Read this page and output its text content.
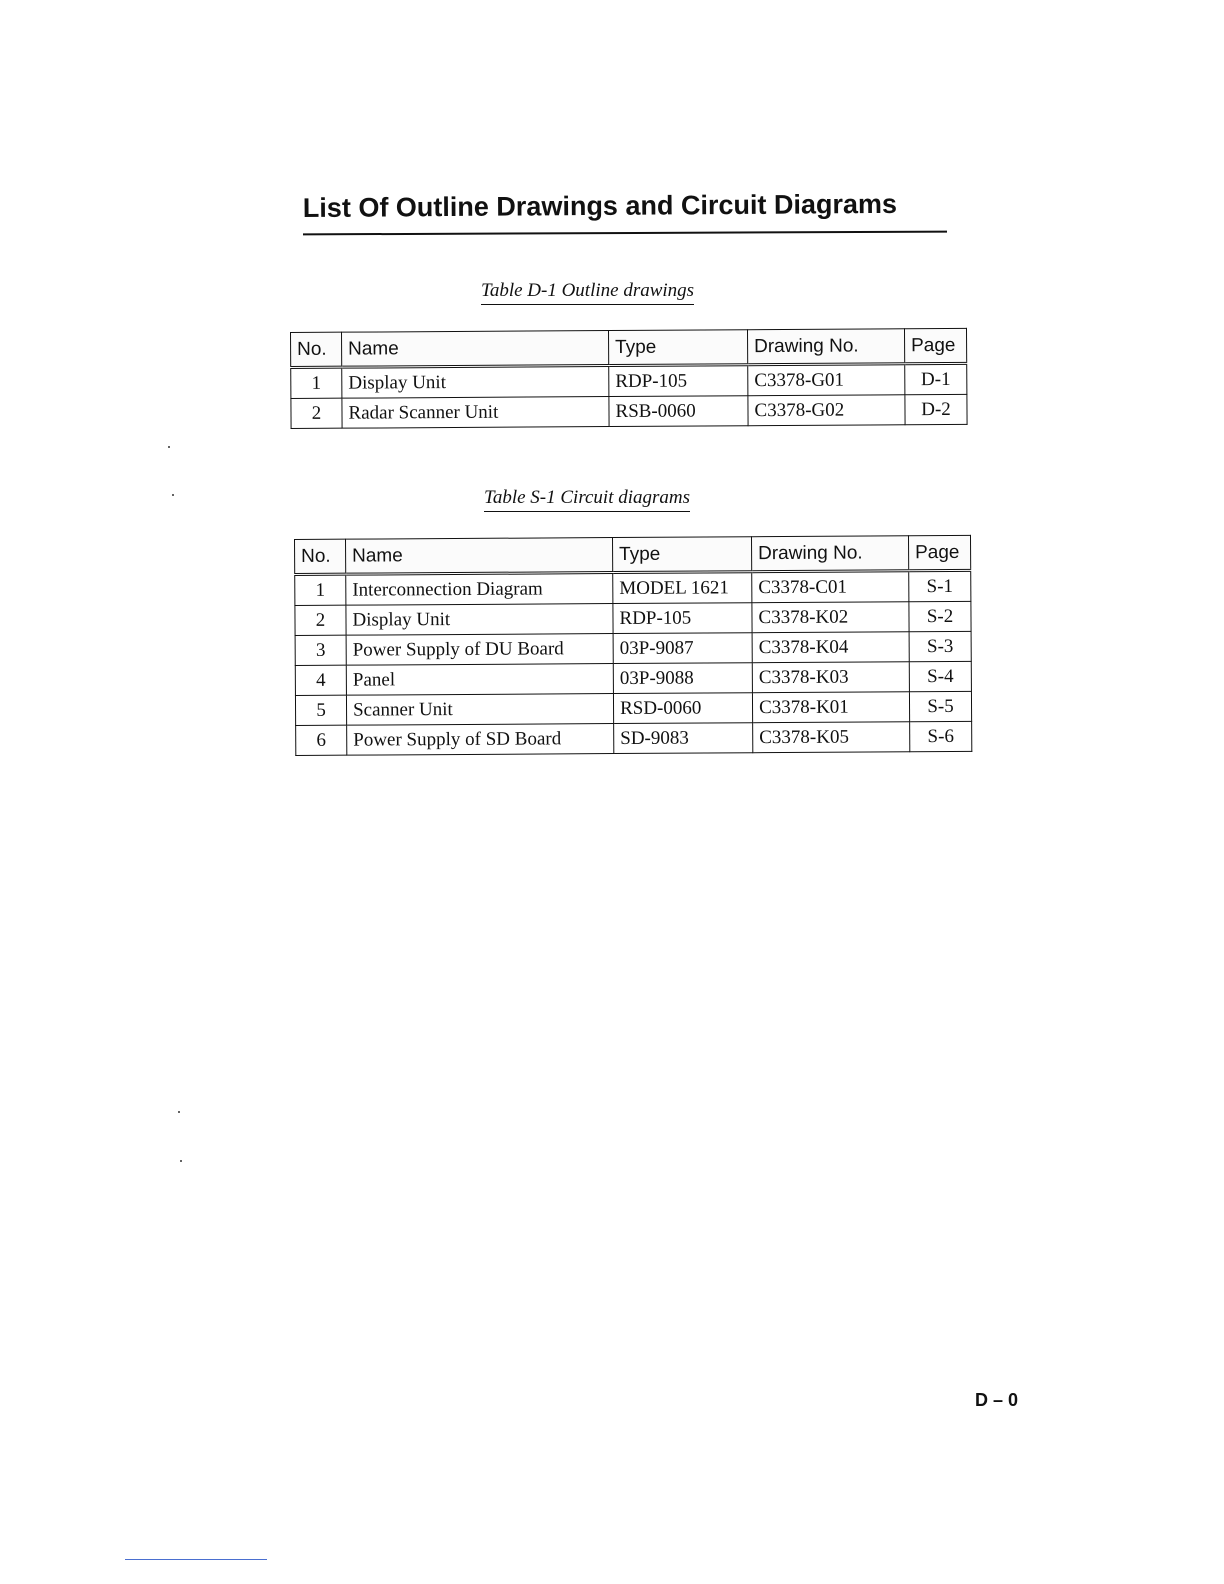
List Of Outline Drawings and Circuit Diagrams
Table D-1 Outline drawings
No.	Name	Type	Drawing No.	Page
1	Display Unit	RDP-105	C3378-G01	D-1
2	Radar Scanner Unit	RSB-0060	C3378-G02	D-2
Table S-1 Circuit diagrams
No.	Name	Type	Drawing No.	Page
1	Interconnection Diagram	MODEL 1621	C3378-C01	S-1
2	Display Unit	RDP-105	C3378-K02	S-2
3	Power Supply of DU Board	03P-9087	C3378-K04	S-3
4	Panel	03P-9088	C3378-K03	S-4
5	Scanner Unit	RSD-0060	C3378-K01	S-5
6	Power Supply of SD Board	SD-9083	C3378-K05	S-6
D – 0
